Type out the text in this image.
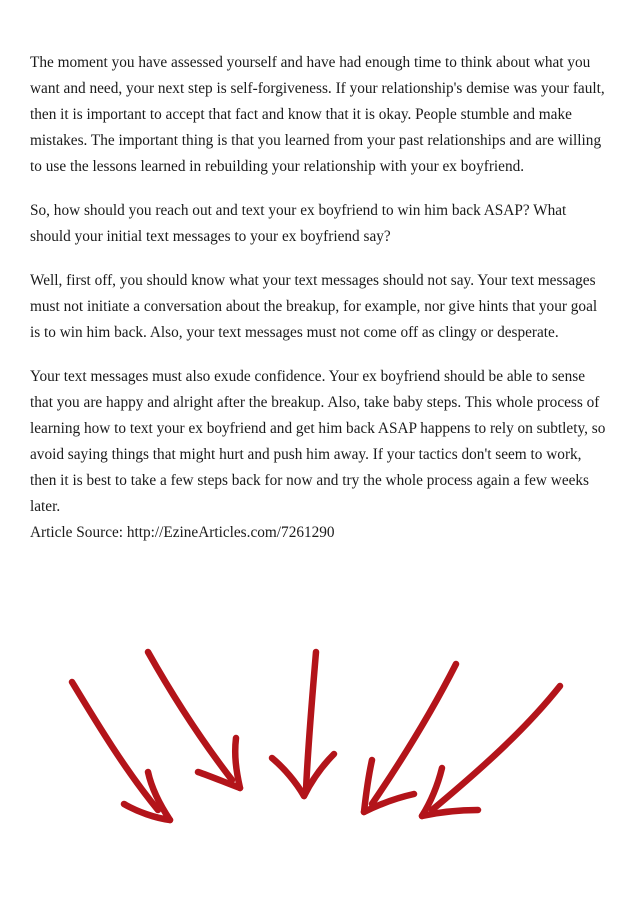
The moment you have assessed yourself and have had enough time to think about what you want and need, your next step is self-forgiveness. If your relationship's demise was your fault, then it is important to accept that fact and know that it is okay. People stumble and make mistakes. The important thing is that you learned from your past relationships and are willing to use the lessons learned in rebuilding your relationship with your ex boyfriend.

So, how should you reach out and text your ex boyfriend to win him back ASAP? What should your initial text messages to your ex boyfriend say?

Well, first off, you should know what your text messages should not say. Your text messages must not initiate a conversation about the breakup, for example, nor give hints that your goal is to win him back. Also, your text messages must not come off as clingy or desperate.

Your text messages must also exude confidence. Your ex boyfriend should be able to sense that you are happy and alright after the breakup. Also, take baby steps. This whole process of learning how to text your ex boyfriend and get him back ASAP happens to rely on subtlety, so avoid saying things that might hurt and push him away. If your tactics don't seem to work, then it is best to take a few steps back for now and try the whole process again a few weeks later.

Article Source: http://EzineArticles.com/7261290
